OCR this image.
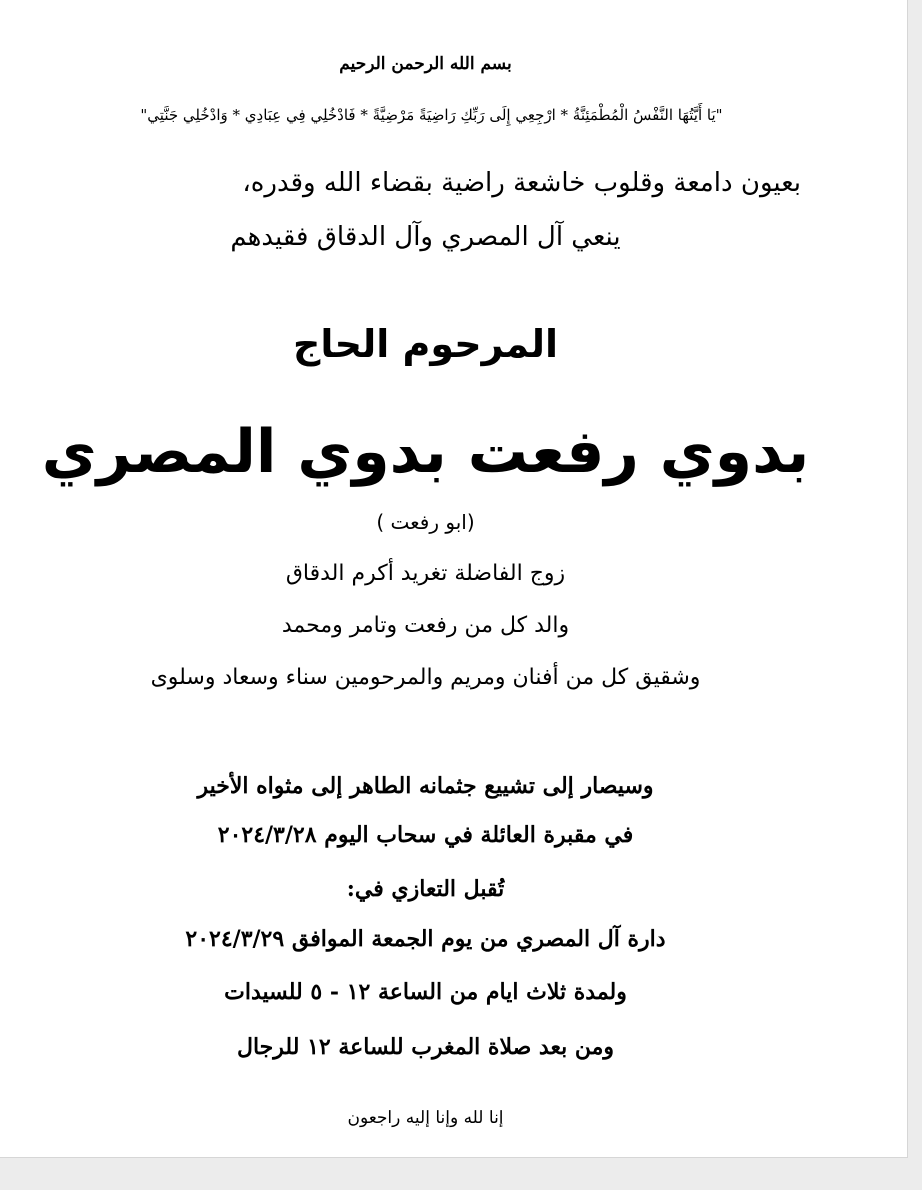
بسم الله الرحمن الرحيم
"يَا أَيَّتُهَا النَّفْسُ الْمُطْمَئِنَّةُ * ارْجِعِي إِلَى رَبِّكِ رَاضِيَةً مَرْضِيَّةً * فَادْخُلِي فِي عِبَادِي * وَادْخُلِي جَنَّتِي"
بعيون دامعة وقلوب خاشعة راضية بقضاء الله وقدره،
ينعي آل المصري وآل الدقاق فقيدهم
المرحوم الحاج
بدوي رفعت بدوي المصري
(ابو رفعت )
زوج الفاضلة تغريد أكرم الدقاق
والد كل من رفعت وتامر ومحمد
وشقيق كل من أفنان ومريم والمرحومين سناء وسعاد وسلوى
وسيصار إلى تشييع جثمانه الطاهر إلى مثواه الأخير
في مقبرة العائلة في سحاب اليوم ٢٠٢٤/٣/٢٨
تُقبل التعازي في:
دارة آل المصري من يوم الجمعة الموافق ٢٠٢٤/٣/٢٩
ولمدة ثلاث ايام من الساعة ١٢ - ٥ للسيدات
ومن بعد صلاة المغرب للساعة ١٢ للرجال
إنا لله وإنا إليه راجعون
